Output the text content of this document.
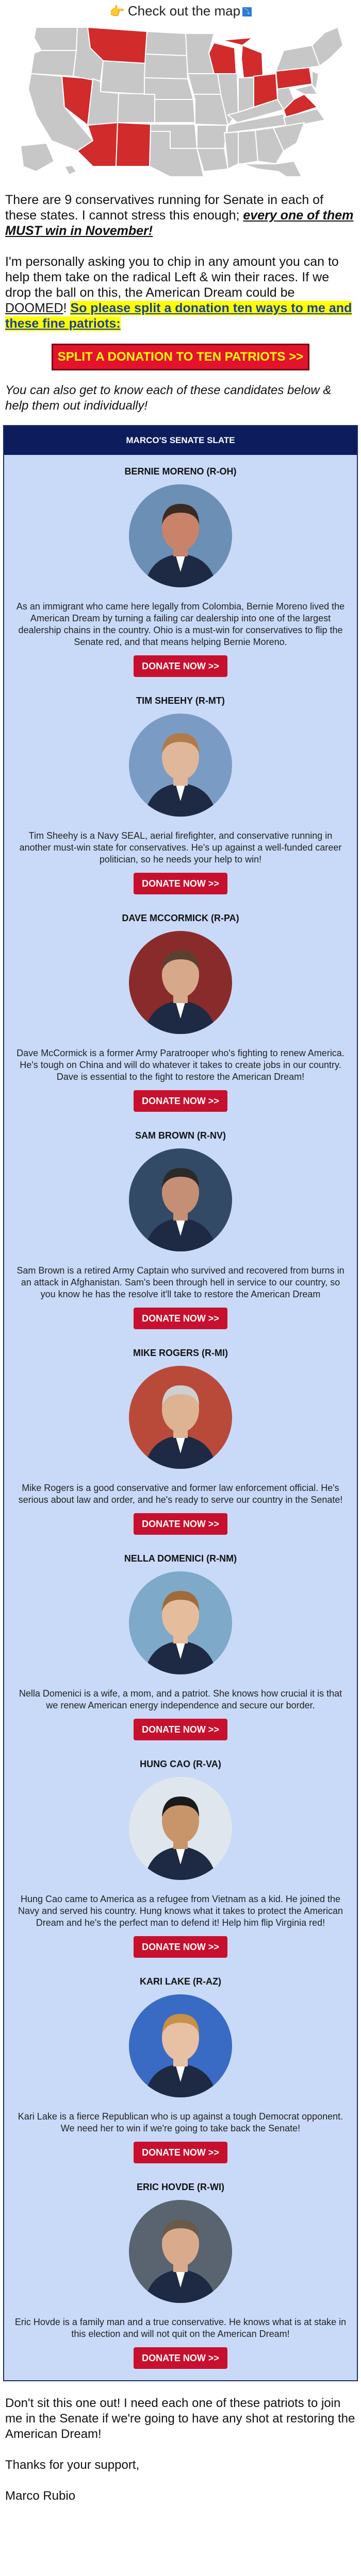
👉 Check out the map ⤵

There are 9 conservatives running for Senate in each of these states. I cannot stress this enough; every one of them MUST win in November!

I'm personally asking you to chip in any amount you can to help them take on the radical Left & win their races. If we drop the ball on this, the American Dream could be DOOMED! So please split a donation ten ways to me and these fine patriots:

SPLIT A DONATION TO TEN PATRIOTS >>

You can also get to know each of these candidates below & help them out individually!

MARCO'S SENATE SLATE
BERNIE MORENO (R-OH)

As an immigrant who came here legally from Colombia, Bernie Moreno lived the American Dream by turning a failing car dealership into one of the largest dealership chains in the country. Ohio is a must-win for conservatives to flip the Senate red, and that means helping Bernie Moreno.

DONATE NOW >>
TIM SHEEHY (R-MT)

Tim Sheehy is a Navy SEAL, aerial firefighter, and conservative running in another must-win state for conservatives. He's up against a well-funded career politician, so he needs your help to win!

DONATE NOW >>
DAVE MCCORMICK (R-PA)

Dave McCormick is a former Army Paratrooper who's fighting to renew America. He's tough on China and will do whatever it takes to create jobs in our country. Dave is essential to the fight to restore the American Dream!

DONATE NOW >>
SAM BROWN (R-NV)

Sam Brown is a retired Army Captain who survived and recovered from burns in an attack in Afghanistan. Sam's been through hell in service to our country, so you know he has the resolve it'll take to restore the American Dream

DONATE NOW >>
MIKE ROGERS (R-MI)

Mike Rogers is a good conservative and former law enforcement official. He's serious about law and order, and he's ready to serve our country in the Senate!

DONATE NOW >>
NELLA DOMENICI (R-NM)

Nella Domenici is a wife, a mom, and a patriot. She knows how crucial it is that we renew American energy independence and secure our border.

DONATE NOW >>
HUNG CAO (R-VA)

Hung Cao came to America as a refugee from Vietnam as a kid. He joined the Navy and served his country. Hung knows what it takes to protect the American Dream and he's the perfect man to defend it! Help him flip Virginia red!

DONATE NOW >>
KARI LAKE (R-AZ)

Kari Lake is a fierce Republican who is up against a tough Democrat opponent. We need her to win if we're going to take back the Senate!

DONATE NOW >>
ERIC HOVDE (R-WI)

Eric Hovde is a family man and a true conservative. He knows what is at stake in this election and will not quit on the American Dream!

DONATE NOW >>

Don't sit this one out! I need each one of these patriots to join me in the Senate if we're going to have any shot at restoring the American Dream!

Thanks for your support,

Marco Rubio
